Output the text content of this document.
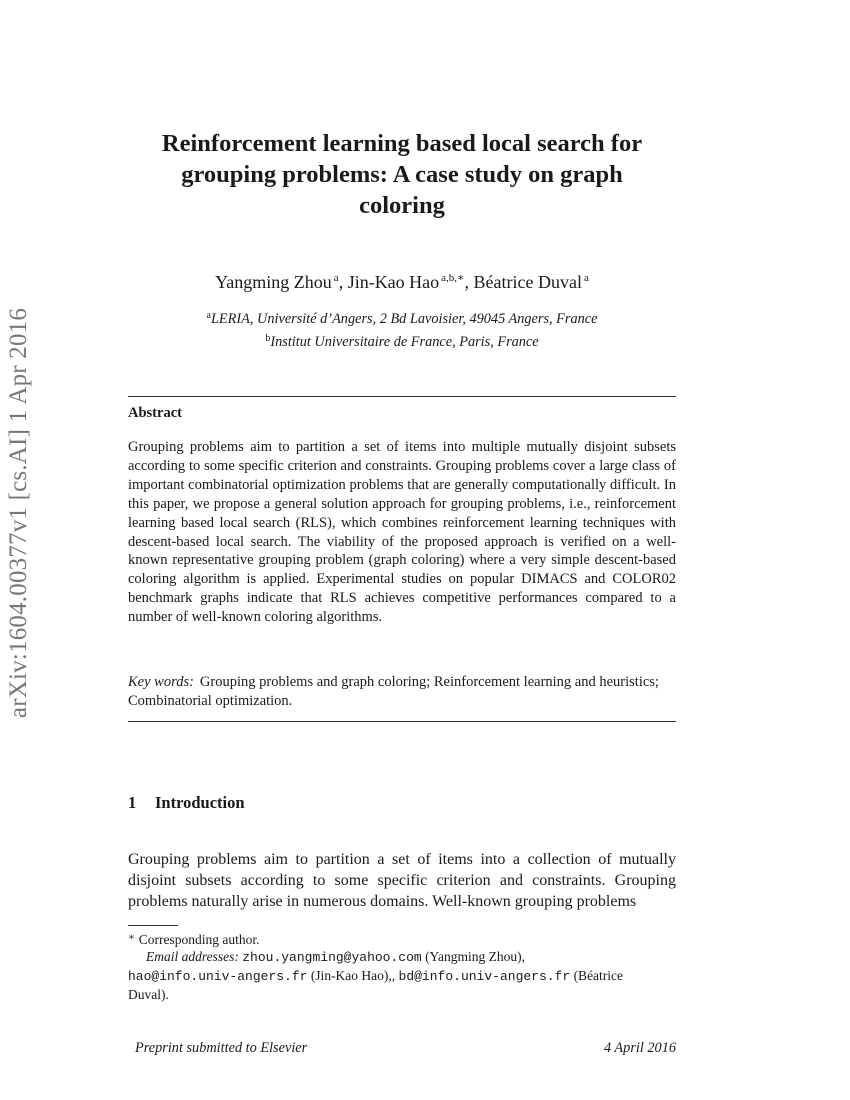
arXiv:1604.00377v1 [cs.AI] 1 Apr 2016
Reinforcement learning based local search for
grouping problems: A case study on graph
coloring
Yangming Zhou $^a$, Jin-Kao Hao $^{a,b,∗}$, Béatrice Duval $^a$
$^a$LERIA, Université d’Angers, 2 Bd Lavoisier, 49045 Angers, France
$^b$Institut Universitaire de France, Paris, France
Abstract
Grouping problems aim to partition a set of items into multiple mutually disjoint subsets according to some specific criterion and constraints. Grouping problems cover a large class of important combinatorial optimization problems that are generally computationally difficult. In this paper, we propose a general solution approach for grouping problems, i.e., reinforcement learning based local search (RLS), which combines reinforcement learning techniques with descent-based local search. The viability of the proposed approach is verified on a well-known representative grouping problem (graph coloring) where a very simple descent-based coloring algorithm is applied. Experimental studies on popular DIMACS and COLOR02 benchmark graphs indicate that RLS achieves competitive performances compared to a number of well-known coloring algorithms.
Key words: Grouping problems and graph coloring; Reinforcement learning and heuristics; Combinatorial optimization.
1 Introduction
Grouping problems aim to partition a set of items into a collection of mutually disjoint subsets according to some specific criterion and constraints. Grouping problems naturally arise in numerous domains. Well-known grouping problems
∗ Corresponding author.
Email addresses: zhou.yangming@yahoo.com (Yangming Zhou),
hao@info.univ-angers.fr (Jin-Kao Hao),, bd@info.univ-angers.fr (Béatrice
Duval).
Preprint submitted to Elsevier	4 April 2016
